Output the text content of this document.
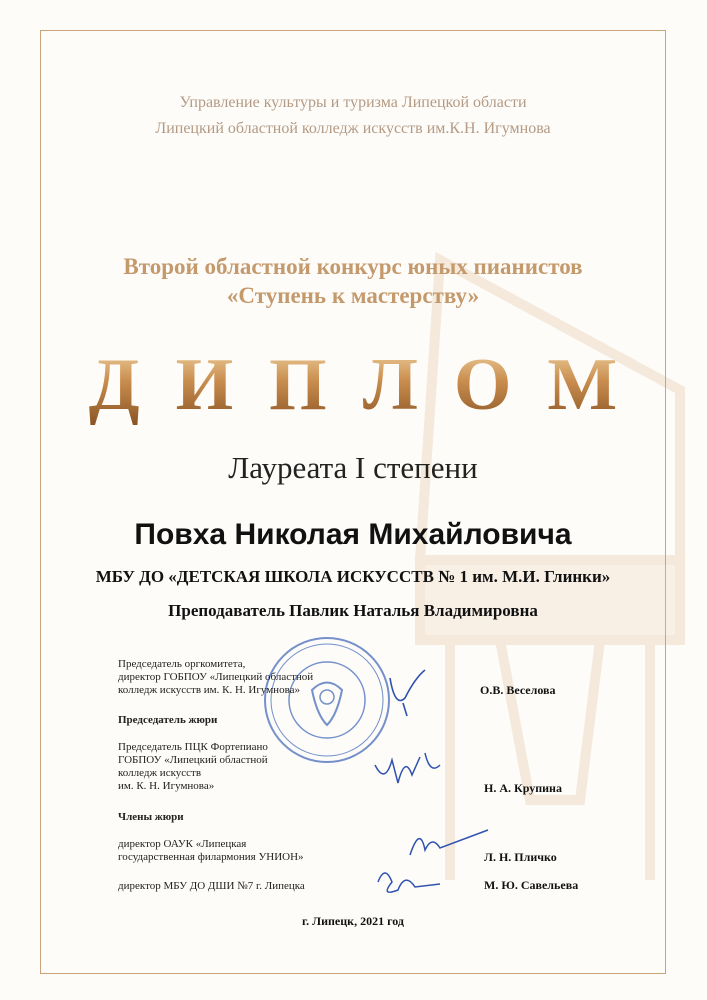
Управление культуры и туризма Липецкой области
Липецкий областной колледж искусств им.К.Н. Игумнова
Второй областной конкурс юных пианистов
«Ступень к мастерству»
ДИПЛОМ
Лауреата I степени
Повха Николая Михайловича
МБУ ДО «ДЕТСКАЯ ШКОЛА ИСКУССТВ № 1 им. М.И. Глинки»
Преподаватель Павлик Наталья Владимировна
Председатель оргкомитета,
директор ГОБПОУ «Липецкий областной
колледж искусств им. К. Н. Игумнова»	О.В. Веселова
Председатель жюри
Председатель ПЦК Фортепиано
ГОБПОУ «Липецкий областной
колледж искусств
им. К. Н. Игумнова»	Н. А. Крупина
Члены жюри
директор ОАУК «Липецкая
государственная филармония УНИОН»	Л. Н. Пличко
директор МБУ ДО ДШИ №7 г. Липецка	М. Ю. Савельева
г. Липецк, 2021 год
